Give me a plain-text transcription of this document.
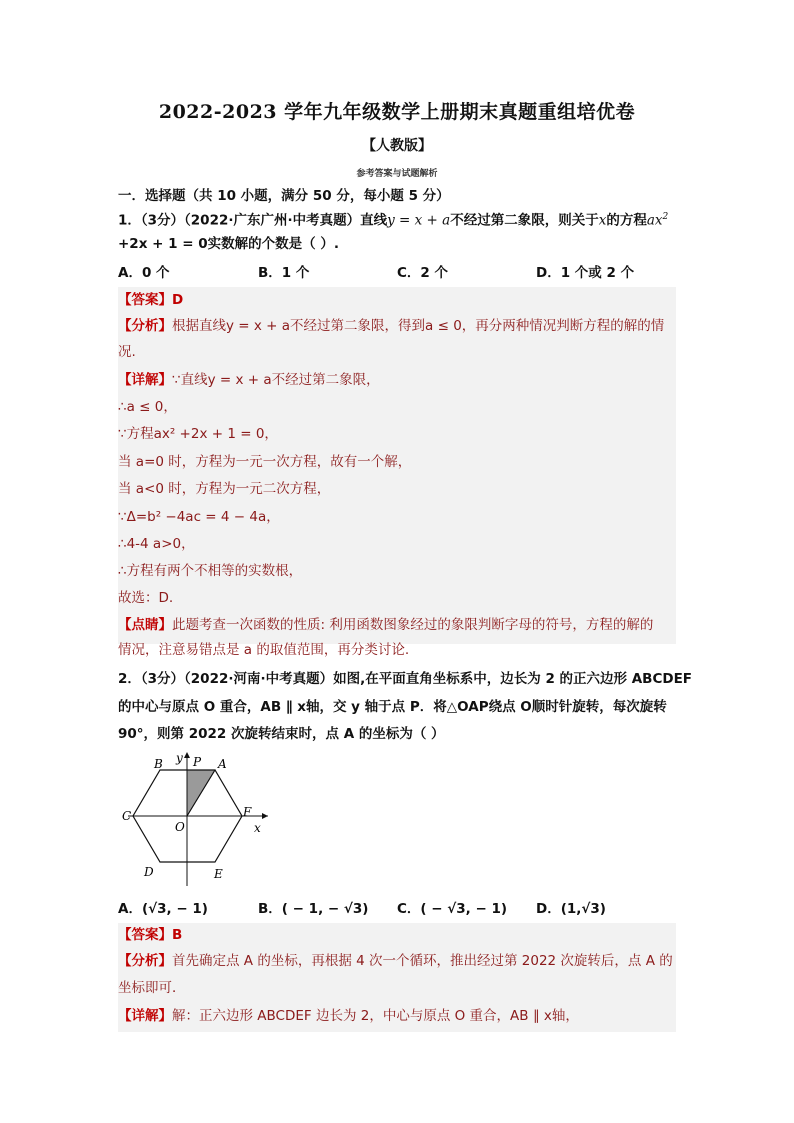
2022-2023 学年九年级数学上册期末真题重组培优卷
【人教版】
参考答案与试题解析
一．选择题（共 10 小题，满分 50 分，每小题 5 分）
1．（3分）（2022·广东广州·中考真题）直线y = x + a不经过第二象限，则关于x的方程$ax^2$
+2x + 1 = 0实数解的个数是（ ）.
A．0 个	B．1 个	C．2 个	D．1 个或 2 个
【答案】D
【分析】根据直线y = x + a不经过第二象限，得到a ≤ 0，再分两种情况判断方程的解的情
况.
【详解】∵直线y = x + a不经过第二象限，
∴a ≤ 0，
∵方程ax² +2x + 1 = 0，
当 a=0 时，方程为一元一次方程，故有一个解，
当 a<0 时，方程为一元二次方程，
∵Δ=b² −4ac = 4 − 4a，
∴4-4 a>0，
∴方程有两个不相等的实数根，
故选：D.
【点睛】此题考查一次函数的性质: 利用函数图象经过的象限判断字母的符号，方程的解的
情况，注意易错点是 a 的取值范围，再分类讨论.
2．（3分）（2022·河南·中考真题）如图,在平面直角坐标系中，边长为 2 的正六边形 ABCDEF
的中心与原点 O 重合，AB ∥ x轴，交 y 轴于点 P．将△OAP绕点 O顺时针旋转，每次旋转
90°，则第 2022 次旋转结束时，点 A 的坐标为（ ）
B y P A
C	F
O	x
D	E
A．(√3, − 1)	B．( − 1, − √3) C．( − √3, − 1) D．(1,√3)
【答案】B
【分析】首先确定点 A 的坐标，再根据 4 次一个循环，推出经过第 2022 次旋转后，点 A 的
坐标即可．
【详解】解：正六边形 ABCDEF 边长为 2，中心与原点 O 重合，AB ∥ x轴，
